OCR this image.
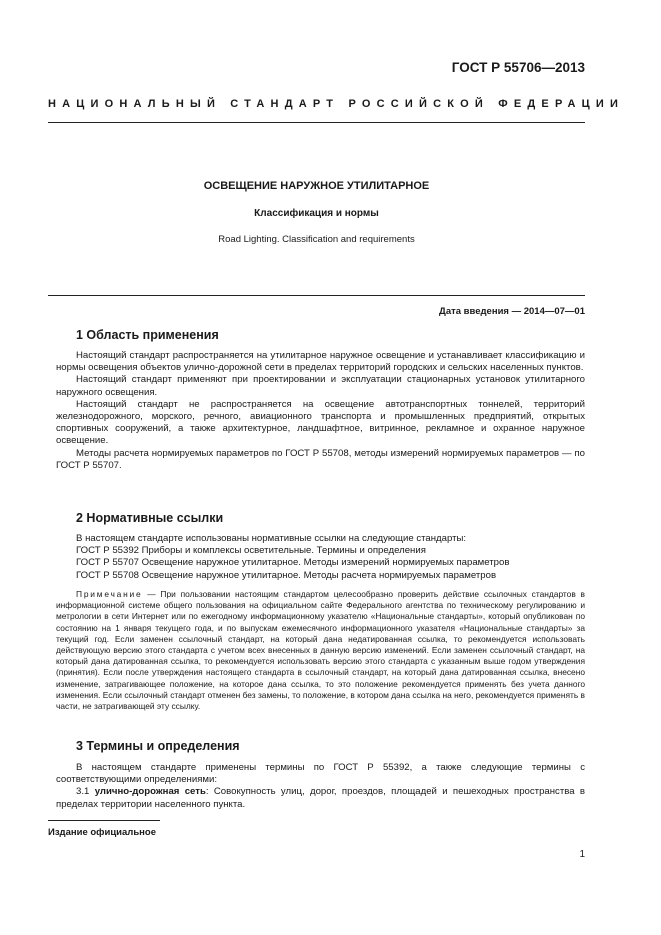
ГОСТ Р 55706—2013
НАЦИОНАЛЬНЫЙ СТАНДАРТ РОССИЙСКОЙ ФЕДЕРАЦИИ
ОСВЕЩЕНИЕ НАРУЖНОЕ УТИЛИТАРНОЕ
Классификация и нормы
Road Lighting. Classification and requirements
Дата введения — 2014—07—01
1 Область применения

Настоящий стандарт распространяется на утилитарное наружное освещение и устанавливает классификацию и нормы освещения объектов улично-дорожной сети в пределах территорий городских и сельских населенных пунктов.

Настоящий стандарт применяют при проектировании и эксплуатации стационарных установок утилитарного наружного освещения.

Настоящий стандарт не распространяется на освещение автотранспортных тоннелей, территорий железнодорожного, морского, речного, авиационного транспорта и промышленных предприятий, открытых спортивных сооружений, а также архитектурное, ландшафтное, витринное, рекламное и охранное наружное освещение.

Методы расчета нормируемых параметров по ГОСТ Р 55708, методы измерений нормируемых параметров — по ГОСТ Р 55707.

2 Нормативные ссылки

В настоящем стандарте использованы нормативные ссылки на следующие стандарты:

ГОСТ Р 55392 Приборы и комплексы осветительные. Термины и определения

ГОСТ Р 55707 Освещение наружное утилитарное. Методы измерений нормируемых параметров

ГОСТ Р 55708 Освещение наружное утилитарное. Методы расчета нормируемых параметров

Примечание — При пользовании настоящим стандартом целесообразно проверить действие ссылочных стандартов в информационной системе общего пользования на официальном сайте Федерального агентства по техническому регулированию и метрологии в сети Интернет или по ежегодному информационному указателю «Национальные стандарты», который опубликован по состоянию на 1 января текущего года, и по выпускам ежемесячного информационного указателя «Национальные стандарты» за текущий год. Если заменен ссылочный стандарт, на который дана недатированная ссылка, то рекомендуется использовать действующую версию этого стандарта с учетом всех внесенных в данную версию изменений. Если заменен ссылочный стандарт, на который дана датированная ссылка, то рекомендуется использовать версию этого стандарта с указанным выше годом утверждения (принятия). Если после утверждения настоящего стандарта в ссылочный стандарт, на который дана датированная ссылка, внесено изменение, затрагивающее положение, на которое дана ссылка, то это положение рекомендуется применять без учета данного изменения. Если ссылочный стандарт отменен без замены, то положение, в котором дана ссылка на него, рекомендуется применять в части, не затрагивающей эту ссылку.

3 Термины и определения

В настоящем стандарте применены термины по ГОСТ Р 55392, а также следующие термины с соответствующими определениями:

3.1 улично-дорожная сеть: Совокупность улиц, дорог, проездов, площадей и пешеходных пространства в пределах территории населенного пункта.

Издание официальное
1
